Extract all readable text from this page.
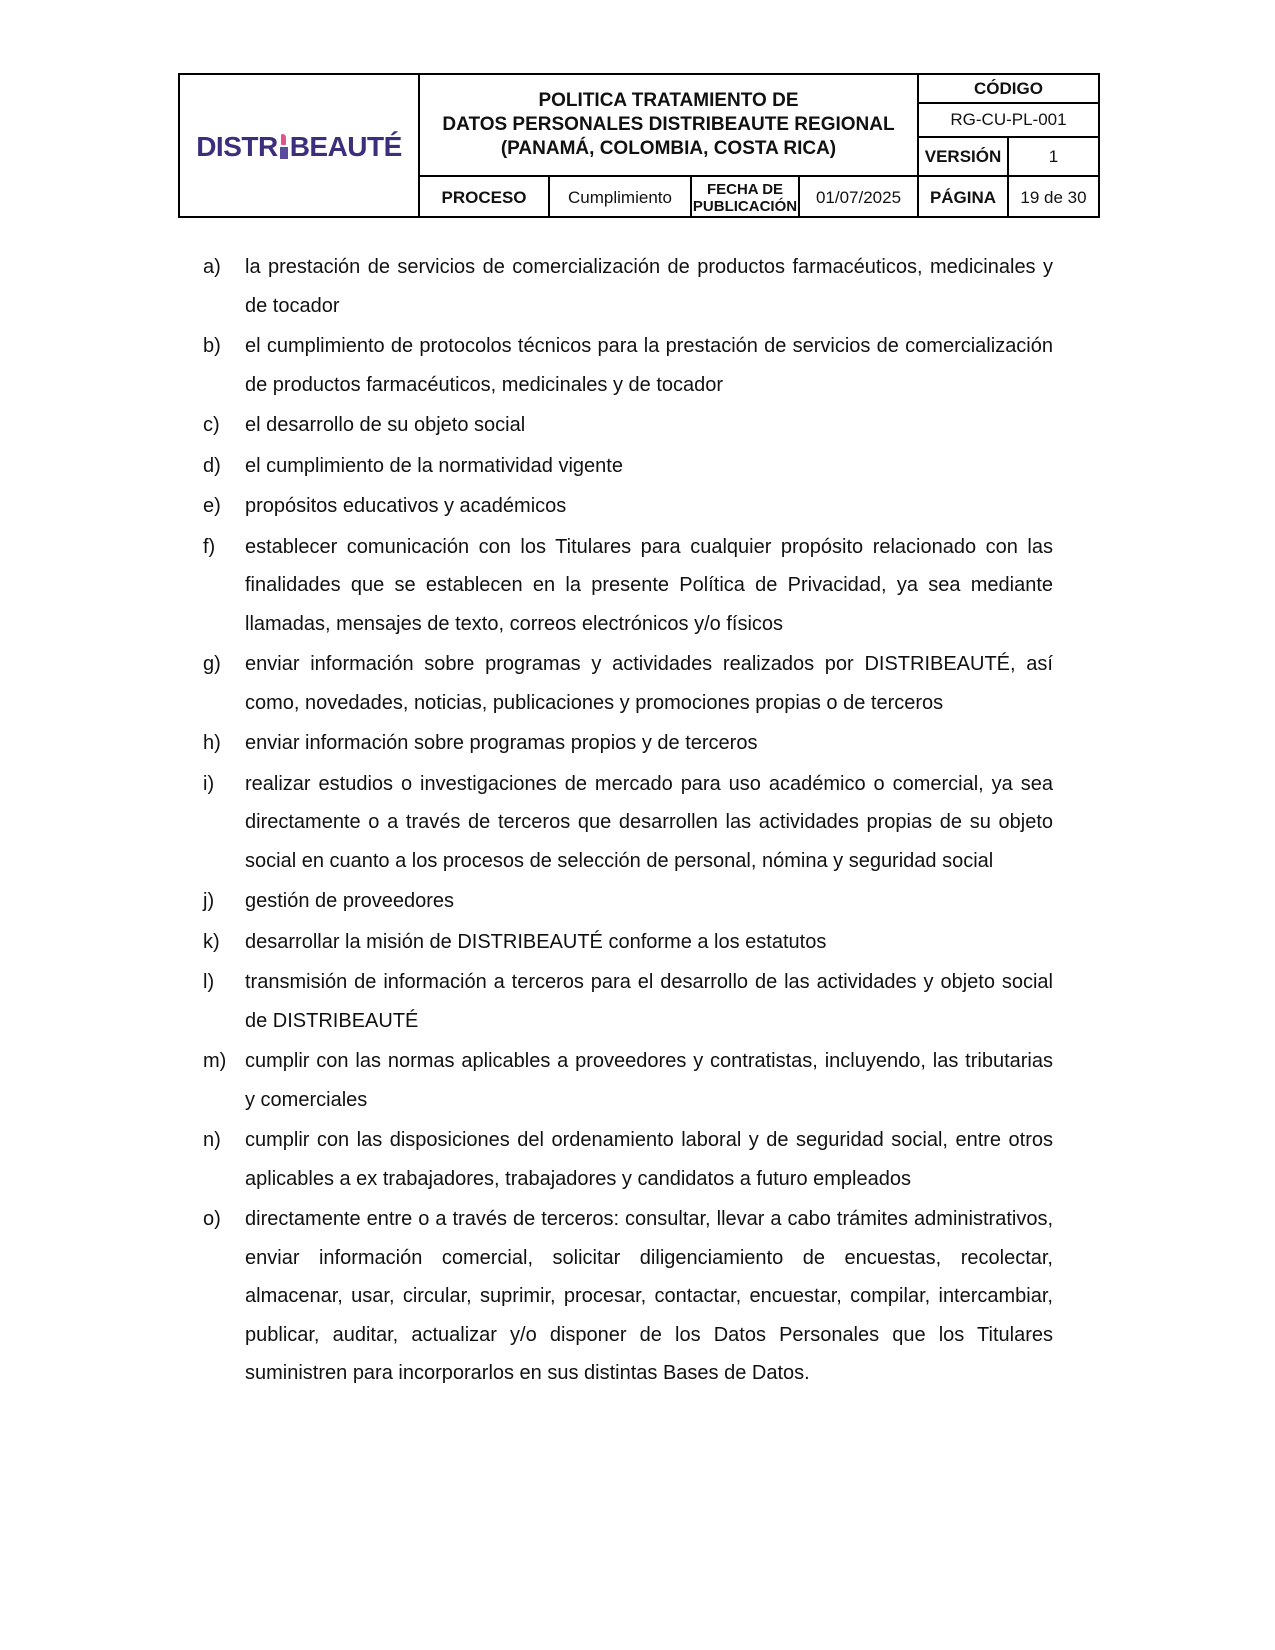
DISTR BEAUTÉ
POLITICA TRATAMIENTO DE
DATOS PERSONALES DISTRIBEAUTE REGIONAL
(PANAMÁ, COLOMBIA, COSTA RICA)
CÓDIGO
RG-CU-PL-001
VERSIÓN	1
PROCESO	Cumplimiento	FECHA DE PUBLICACIÓN	01/07/2025	PÁGINA	19 de 30
a) la prestación de servicios de comercialización de productos farmacéuticos, medicinales y de tocador
b) el cumplimiento de protocolos técnicos para la prestación de servicios de comercialización de productos farmacéuticos, medicinales y de tocador
c) el desarrollo de su objeto social
d) el cumplimiento de la normatividad vigente
e) propósitos educativos y académicos
f) establecer comunicación con los Titulares para cualquier propósito relacionado con las finalidades que se establecen en la presente Política de Privacidad, ya sea mediante llamadas, mensajes de texto, correos electrónicos y/o físicos
g) enviar información sobre programas y actividades realizados por DISTRIBEAUTÉ, así como, novedades, noticias, publicaciones y promociones propias o de terceros
h) enviar información sobre programas propios y de terceros
i) realizar estudios o investigaciones de mercado para uso académico o comercial, ya sea directamente o a través de terceros que desarrollen las actividades propias de su objeto social en cuanto a los procesos de selección de personal, nómina y seguridad social
j) gestión de proveedores
k) desarrollar la misión de DISTRIBEAUTÉ conforme a los estatutos
l) transmisión de información a terceros para el desarrollo de las actividades y objeto social de DISTRIBEAUTÉ
m) cumplir con las normas aplicables a proveedores y contratistas, incluyendo, las tributarias y comerciales
n) cumplir con las disposiciones del ordenamiento laboral y de seguridad social, entre otros aplicables a ex trabajadores, trabajadores y candidatos a futuro empleados
o) directamente entre o a través de terceros: consultar, llevar a cabo trámites administrativos, enviar información comercial, solicitar diligenciamiento de encuestas, recolectar, almacenar, usar, circular, suprimir, procesar, contactar, encuestar, compilar, intercambiar, publicar, auditar, actualizar y/o disponer de los Datos Personales que los Titulares suministren para incorporarlos en sus distintas Bases de Datos.
